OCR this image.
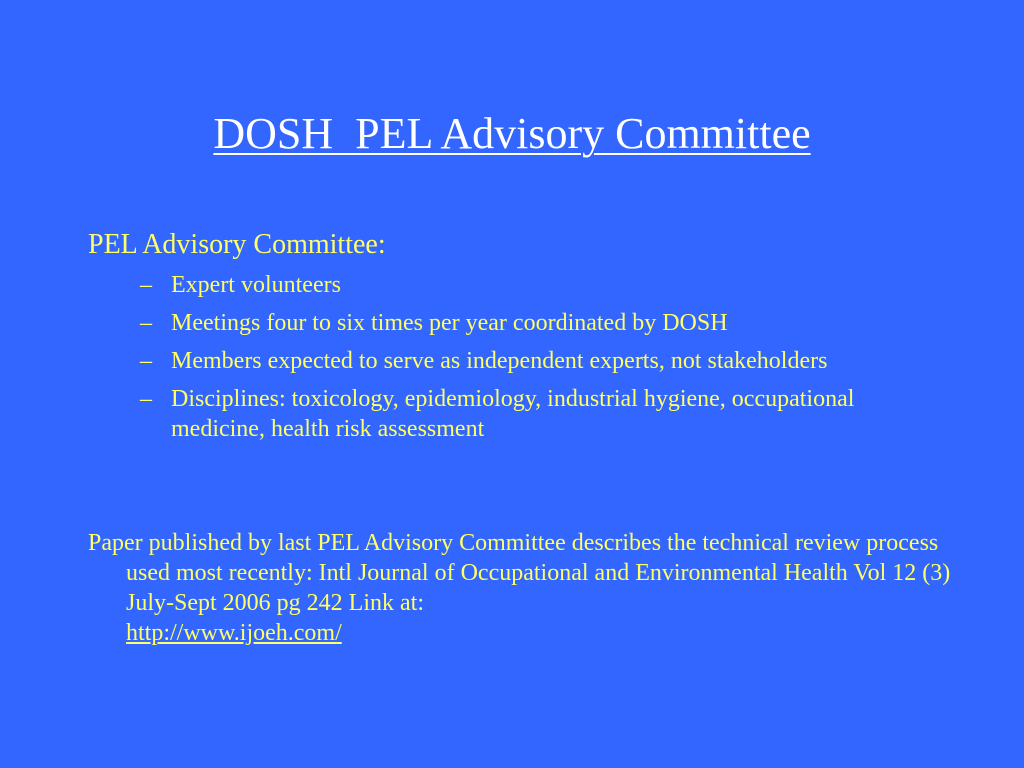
DOSH  PEL Advisory Committee
PEL Advisory Committee:
– Expert volunteers
– Meetings four to six times per year coordinated by DOSH
– Members expected to serve as independent experts, not stakeholders
– Disciplines: toxicology, epidemiology, industrial hygiene, occupational medicine, health risk assessment
Paper published by last PEL Advisory Committee describes the technical review process used most recently: Intl Journal of Occupational and Environmental Health Vol 12 (3) July-Sept 2006 pg 242 Link at:
http://www.ijoeh.com/
